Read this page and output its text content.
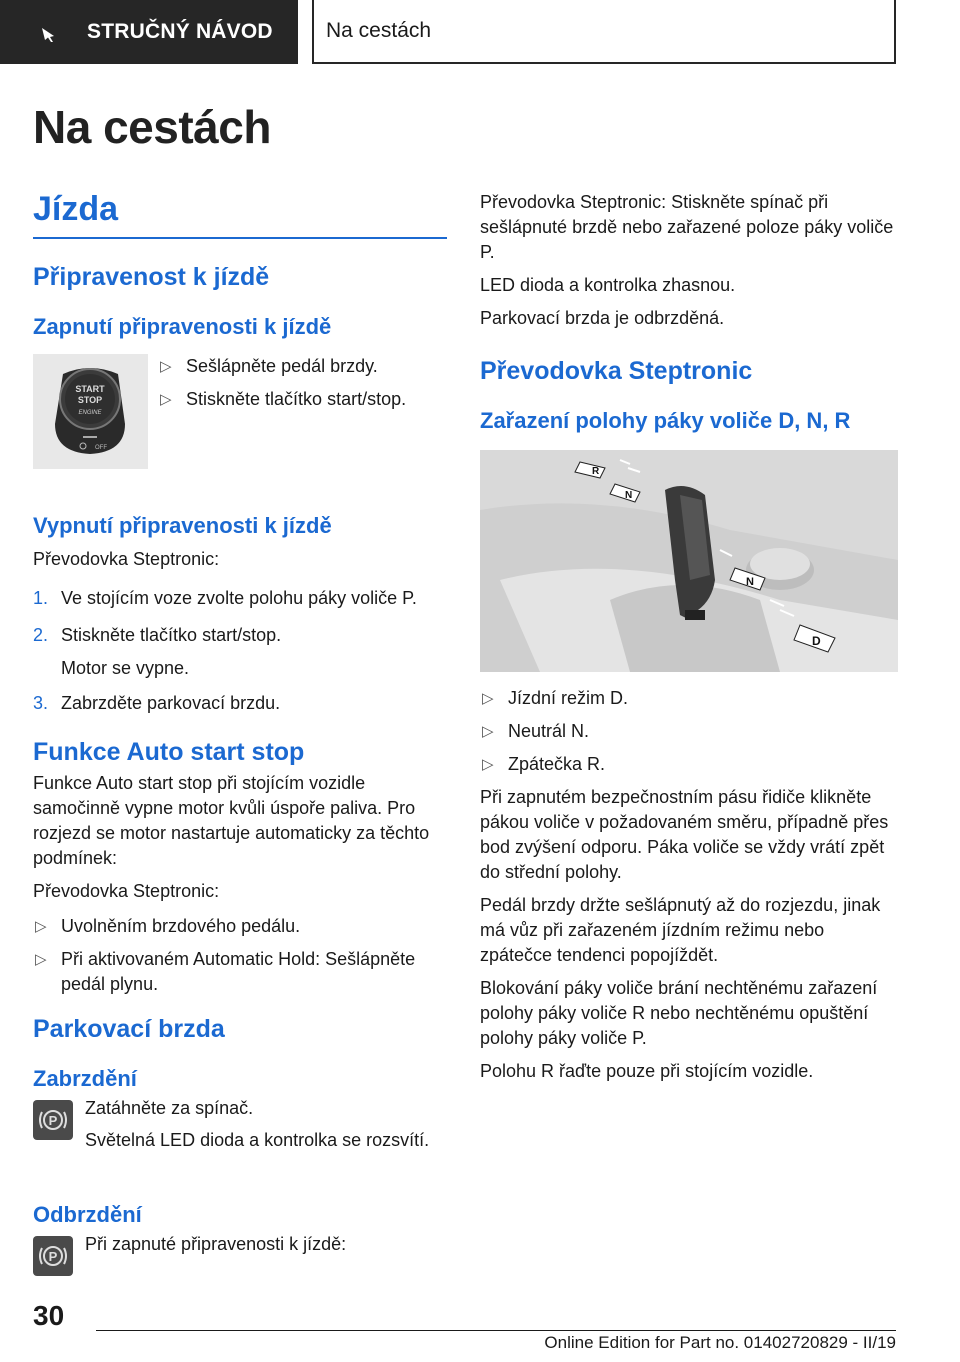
STRUČNÝ NÁVOD	Na cestách
Na cestách
Jízda
Připravenost k jízdě
Zapnutí připravenosti k jízdě
START
STOP
ENGINE
OFF
▷ Sešlápněte pedál brzdy.
▷ Stiskněte tlačítko start/stop.
Vypnutí připravenosti k jízdě

Převodovka Steptronic:

1. Ve stojícím voze zvolte polohu páky voliče P.
2. Stiskněte tlačítko start/stop.
Motor se vypne.
3. Zabrzděte parkovací brzdu.
Funkce Auto start stop

Funkce Auto start stop při stojícím vozidle samočinně vypne motor kvůli úspoře paliva. Pro rozjezd se motor nastartuje automaticky za těchto podmínek:

Převodovka Steptronic:

▷ Uvolněním brzdového pedálu.
▷ Při aktivovaném Automatic Hold: Sešlápněte pedál plynu.
Parkovací brzda
Zabrzdění
P

Zatáhněte za spínač.

Světelná LED dioda a kontrolka se rozsvítí.

Odbrzdění
P

Při zapnuté připravenosti k jízdě:

Převodovka Steptronic: Stiskněte spínač při sešlápnuté brzdě nebo zařazené poloze páky voliče P.

LED dioda a kontrolka zhasnou.

Parkovací brzda je odbrzděná.

Převodovka Steptronic
Zařazení polohy páky voliče D, N, R
R
N
N
D
▷ Jízdní režim D.
▷ Neutrál N.
▷ Zpátečka R.

Při zapnutém bezpečnostním pásu řidiče klikněte pákou voliče v požadovaném směru, případně přes bod zvýšení odporu. Páka voliče se vždy vrátí zpět do střední polohy.

Pedál brzdy držte sešlápnutý až do rozjezdu, jinak má vůz při zařazeném jízdním režimu nebo zpátečce tendenci popojíždět.

Blokování páky voliče brání nechtěnému zařazení polohy páky voliče R nebo nechtěnému opuštění polohy páky voliče P.

Polohu R řaďte pouze při stojícím vozidle.

30
Online Edition for Part no. 01402720829 - II/19
